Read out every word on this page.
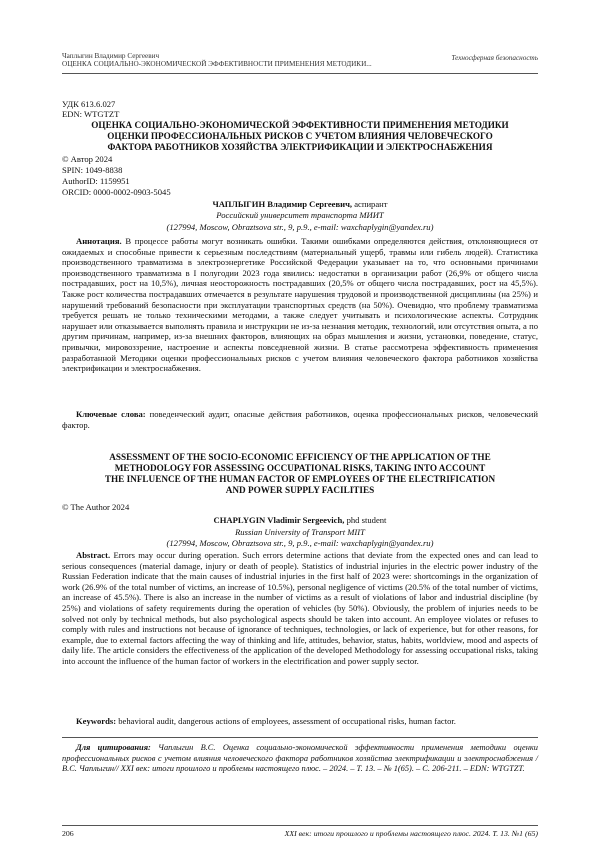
Чаплыгин Владимир Сергеевич
ОЦЕНКА СОЦИАЛЬНО-ЭКОНОМИЧЕСКОЙ ЭФФЕКТИВНОСТИ ПРИМЕНЕНИЯ МЕТОДИКИ...
Техносферная безопасность
УДК 613.6.027
EDN: WTGTZT
ОЦЕНКА СОЦИАЛЬНО-ЭКОНОМИЧЕСКОЙ ЭФФЕКТИВНОСТИ ПРИМЕНЕНИЯ МЕТОДИКИ
ОЦЕНКИ ПРОФЕССИОНАЛЬНЫХ РИСКОВ С УЧЕТОМ ВЛИЯНИЯ ЧЕЛОВЕЧЕСКОГО
ФАКТОРА РАБОТНИКОВ ХОЗЯЙСТВА ЭЛЕКТРИФИКАЦИИ И ЭЛЕКТРОСНАБЖЕНИЯ
© Автор 2024
SPIN: 1049-8838
AuthorID: 1159951
ORCID: 0000-0002-0903-5045
ЧАПЛЫГИН Владимир Сергеевич, аспирант
Российский университет транспорта МИИТ
(127994, Moscow, Obraztsova str., 9, p.9., e-mail: waxchaplygin@yandex.ru)
Аннотация. В процессе работы могут возникать ошибки. Такими ошибками определяются действия, отклоняющиеся от ожидаемых и способные привести к серьезным последствиям (материальный ущерб, травмы или гибель людей). Статистика производственного травматизма в электроэнергетике Российской Федерации указывает на то, что основными причинами производственного травматизма в I полугодии 2023 года явились: недостатки в организации работ (26,9% от общего числа пострадавших, рост на 10,5%), личная неосторожность пострадавших (20,5% от общего числа пострадавших, рост на 45,5%). Также рост количества пострадавших отмечается в результате нарушения трудовой и производственной дисциплины (на 25%) и нарушений требований безопасности при эксплуатации транспортных средств (на 50%). Очевидно, что проблему травматизма требуется решать не только техническими методами, а также следует учитывать и психологические аспекты. Сотрудник нарушает или отказывается выполнять правила и инструкции не из-за незнания методик, технологий, или отсутствия опыта, а по другим причинам, например, из-за внешних факторов, влияющих на образ мышления и жизни, установки, поведение, статус, привычки, мировоззрение, настроение и аспекты повседневной жизни. В статье рассмотрена эффективность применения разработанной Методики оценки профессиональных рисков с учетом влияния человеческого фактора работников хозяйства электрификации и электроснабжения.
Ключевые слова: поведенческий аудит, опасные действия работников, оценка профессиональных рисков, человеческий фактор.
ASSESSMENT OF THE SOCIO-ECONOMIC EFFICIENCY OF THE APPLICATION OF THE
METHODOLOGY FOR ASSESSING OCCUPATIONAL RISKS, TAKING INTO ACCOUNT
THE INFLUENCE OF THE HUMAN FACTOR OF EMPLOYEES OF THE ELECTRIFICATION
AND POWER SUPPLY FACILITIES
© The Author 2024
CHAPLYGIN Vladimir Sergeevich, phd student
Russian University of Transport MIIT
(127994, Moscow, Obraztsova str., 9, p.9., e-mail: waxchaplygin@yandex.ru)
Abstract. Errors may occur during operation. Such errors determine actions that deviate from the expected ones and can lead to serious consequences (material damage, injury or death of people). Statistics of industrial injuries in the electric power industry of the Russian Federation indicate that the main causes of industrial injuries in the first half of 2023 were: shortcomings in the organization of work (26.9% of the total number of victims, an increase of 10.5%), personal negligence of victims (20.5% of the total number of victims, an increase of 45.5%). There is also an increase in the number of victims as a result of violations of labor and industrial discipline (by 25%) and violations of safety requirements during the operation of vehicles (by 50%). Obviously, the problem of injuries needs to be solved not only by technical methods, but also psychological aspects should be taken into account. An employee violates or refuses to comply with rules and instructions not because of ignorance of techniques, technologies, or lack of experience, but for other reasons, for example, due to external factors affecting the way of thinking and life, attitudes, behavior, status, habits, worldview, mood and aspects of daily life. The article considers the effectiveness of the application of the developed Methodology for assessing occupational risks, taking into account the influence of the human factor of workers in the electrification and power supply sector.
Keywords: behavioral audit, dangerous actions of employees, assessment of occupational risks, human factor.
Для цитирования: Чаплыгин В.С. Оценка социально-экономической эффективности применения методики оценки профессиональных рисков с учетом влияния человеческого фактора работников хозяйства электрификации и электроснабжения / В.С. Чаплыгин// XXI век: итоги прошлого и проблемы настоящего плюс. – 2024. – Т. 13. – № 1(65). – С. 206-211. – EDN: WTGTZT.
206	XXI век: итоги прошлого и проблемы настоящего плюс. 2024. Т. 13. №1 (65)
